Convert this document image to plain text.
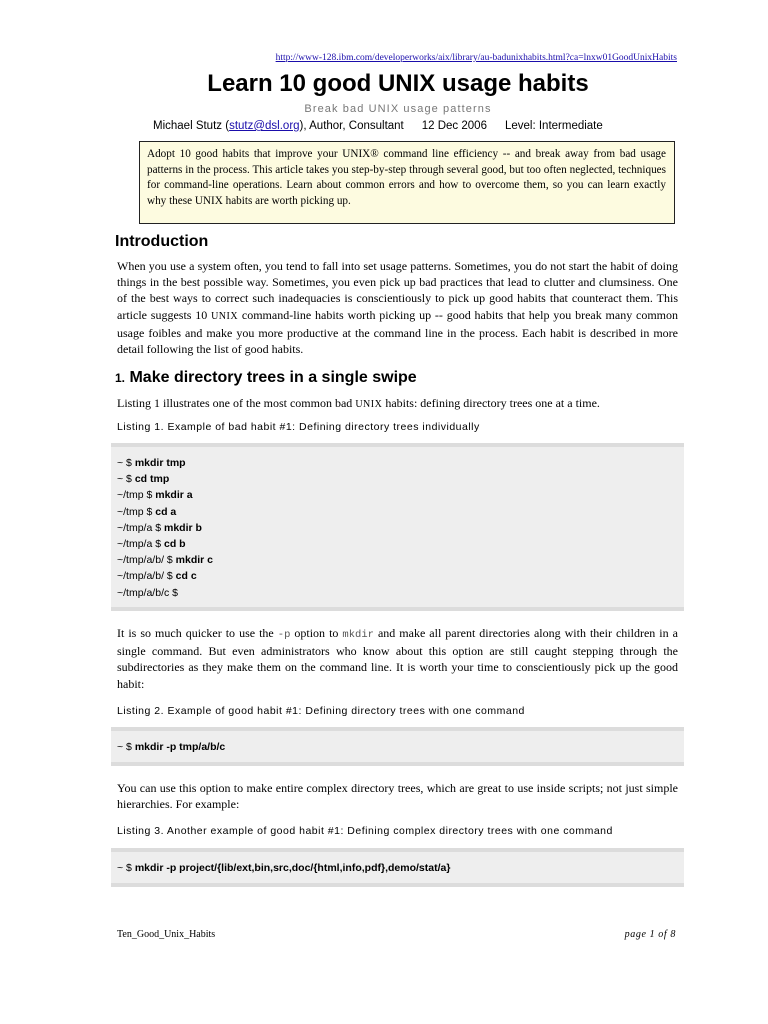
http://www-128.ibm.com/developerworks/aix/library/au-badunixhabits.html?ca=lnxw01GoodUnixHabits
Learn 10 good UNIX usage habits
Break bad UNIX usage patterns
Michael Stutz (stutz@dsl.org), Author, Consultant 12 Dec 2006 Level: Intermediate
Adopt 10 good habits that improve your UNIX® command line efficiency -- and break away from bad usage patterns in the process. This article takes you step-by-step through several good, but too often neglected, techniques for command-line operations. Learn about common errors and how to overcome them, so you can learn exactly why these UNIX habits are worth picking up.
Introduction
When you use a system often, you tend to fall into set usage patterns. Sometimes, you do not start the habit of doing things in the best possible way. Sometimes, you even pick up bad practices that lead to clutter and clumsiness. One of the best ways to correct such inadequacies is conscientiously to pick up good habits that counteract them. This article suggests 10 UNIX command-line habits worth picking up -- good habits that help you break many common usage foibles and make you more productive at the command line in the process. Each habit is described in more detail following the list of good habits.
1. Make directory trees in a single swipe
Listing 1 illustrates one of the most common bad UNIX habits: defining directory trees one at a time.
Listing 1. Example of bad habit #1: Defining directory trees individually
~ $ mkdir tmp
~ $ cd tmp
~/tmp $ mkdir a
~/tmp $ cd a
~/tmp/a $ mkdir b
~/tmp/a $ cd b
~/tmp/a/b/ $ mkdir c
~/tmp/a/b/ $ cd c
~/tmp/a/b/c $
It is so much quicker to use the -p option to mkdir and make all parent directories along with their children in a single command. But even administrators who know about this option are still caught stepping through the subdirectories as they make them on the command line. It is worth your time to conscientiously pick up the good habit:
Listing 2. Example of good habit #1: Defining directory trees with one command
~ $ mkdir -p tmp/a/b/c
You can use this option to make entire complex directory trees, which are great to use inside scripts; not just simple hierarchies. For example:
Listing 3. Another example of good habit #1: Defining complex directory trees with one command
~ $ mkdir -p project/{lib/ext,bin,src,doc/{html,info,pdf},demo/stat/a}
Ten_Good_Unix_Habits	page 1 of 8
